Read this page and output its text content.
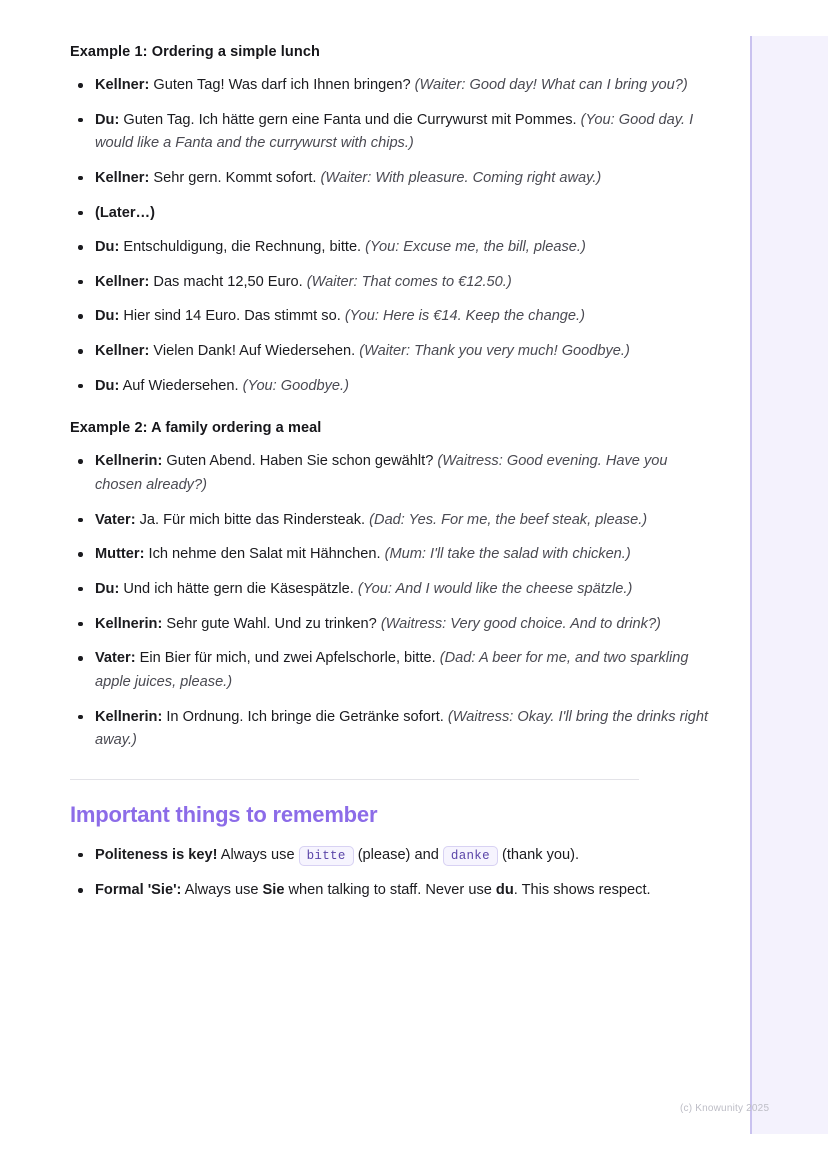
Example 1: Ordering a simple lunch
Kellner: Guten Tag! Was darf ich Ihnen bringen? (Waiter: Good day! What can I bring you?)
Du: Guten Tag. Ich hätte gern eine Fanta und die Currywurst mit Pommes. (You: Good day. I would like a Fanta and the currywurst with chips.)
Kellner: Sehr gern. Kommt sofort. (Waiter: With pleasure. Coming right away.)
(Later…)
Du: Entschuldigung, die Rechnung, bitte. (You: Excuse me, the bill, please.)
Kellner: Das macht 12,50 Euro. (Waiter: That comes to €12.50.)
Du: Hier sind 14 Euro. Das stimmt so. (You: Here is €14. Keep the change.)
Kellner: Vielen Dank! Auf Wiedersehen. (Waiter: Thank you very much! Goodbye.)
Du: Auf Wiedersehen. (You: Goodbye.)
Example 2: A family ordering a meal
Kellnerin: Guten Abend. Haben Sie schon gewählt? (Waitress: Good evening. Have you chosen already?)
Vater: Ja. Für mich bitte das Rindersteak. (Dad: Yes. For me, the beef steak, please.)
Mutter: Ich nehme den Salat mit Hähnchen. (Mum: I'll take the salad with chicken.)
Du: Und ich hätte gern die Käsespätzle. (You: And I would like the cheese spätzle.)
Kellnerin: Sehr gute Wahl. Und zu trinken? (Waitress: Very good choice. And to drink?)
Vater: Ein Bier für mich, und zwei Apfelschorle, bitte. (Dad: A beer for me, and two sparkling apple juices, please.)
Kellnerin: In Ordnung. Ich bringe die Getränke sofort. (Waitress: Okay. I'll bring the drinks right away.)
Important things to remember
Politeness is key! Always use bitte (please) and danke (thank you).
Formal 'Sie': Always use Sie when talking to staff. Never use du. This shows respect.
(c) Knowunity 2025
